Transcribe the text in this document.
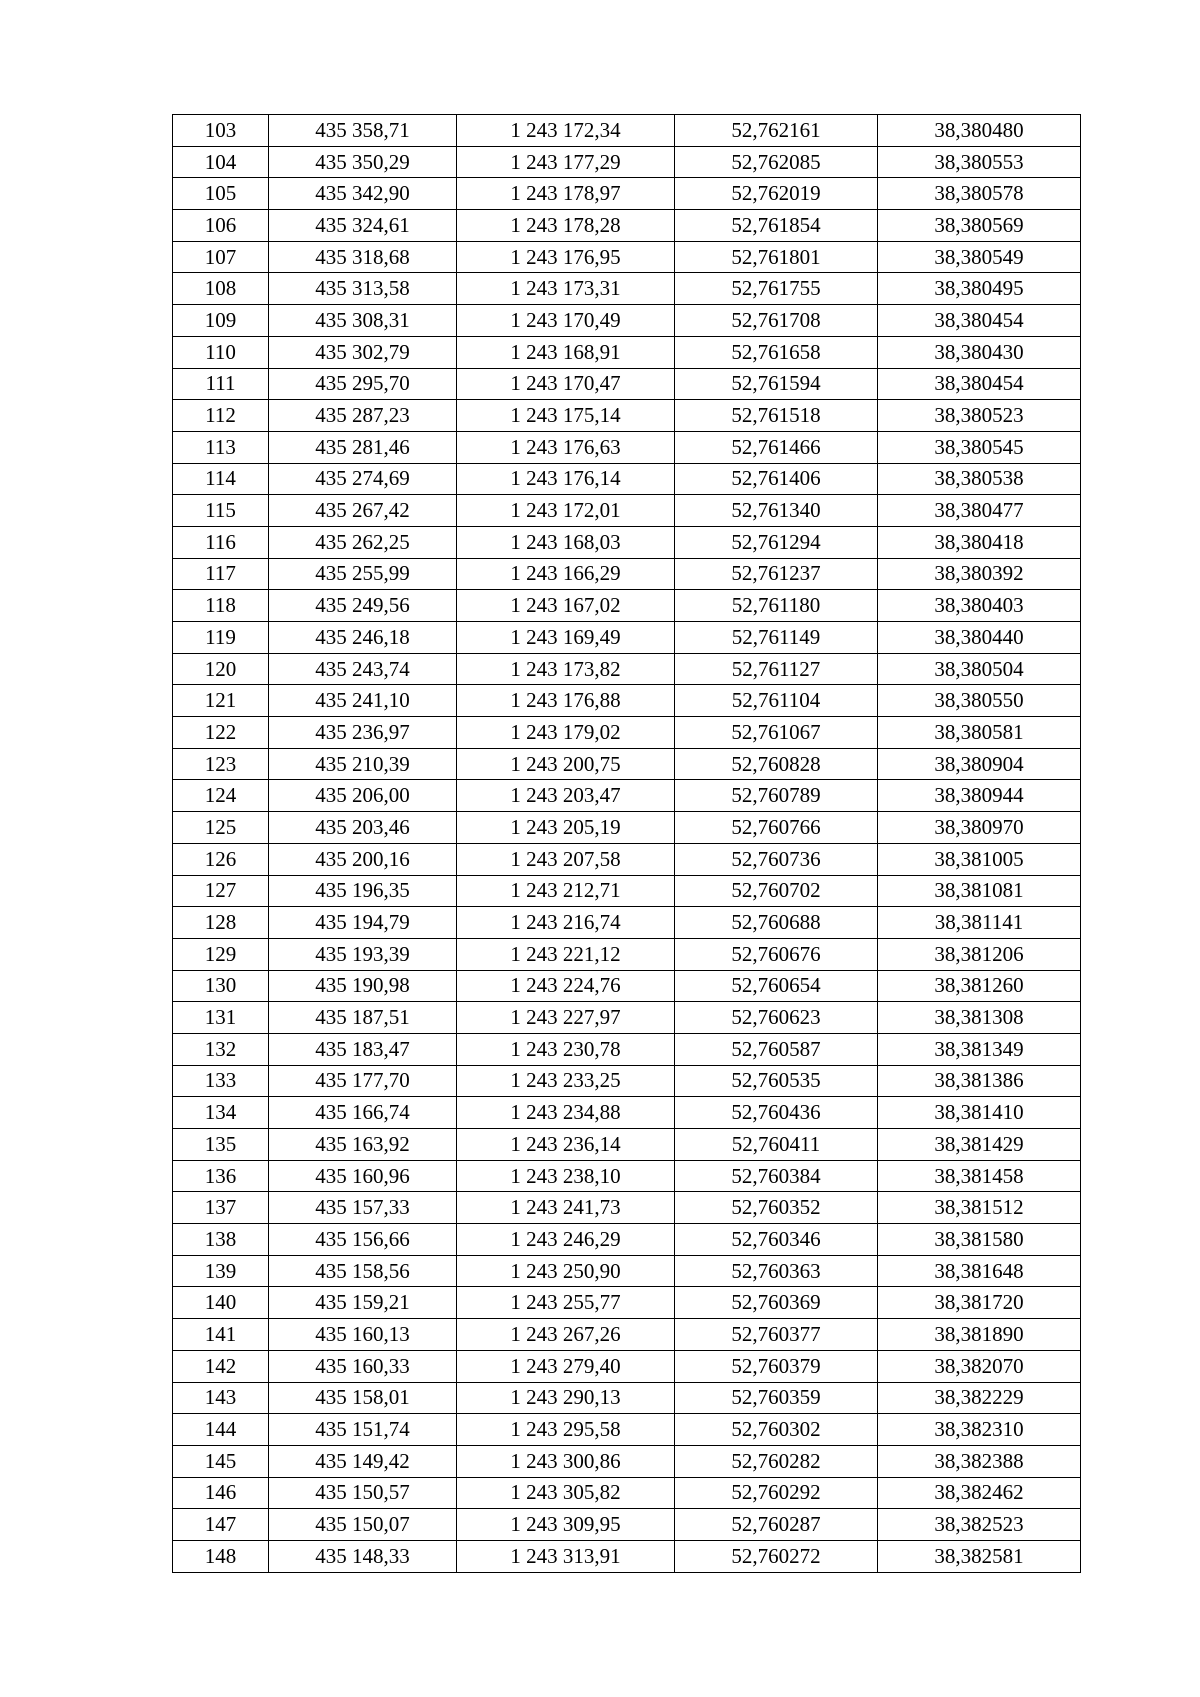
103	435 358,71	1 243 172,34	52,762161	38,380480
104	435 350,29	1 243 177,29	52,762085	38,380553
105	435 342,90	1 243 178,97	52,762019	38,380578
106	435 324,61	1 243 178,28	52,761854	38,380569
107	435 318,68	1 243 176,95	52,761801	38,380549
108	435 313,58	1 243 173,31	52,761755	38,380495
109	435 308,31	1 243 170,49	52,761708	38,380454
110	435 302,79	1 243 168,91	52,761658	38,380430
111	435 295,70	1 243 170,47	52,761594	38,380454
112	435 287,23	1 243 175,14	52,761518	38,380523
113	435 281,46	1 243 176,63	52,761466	38,380545
114	435 274,69	1 243 176,14	52,761406	38,380538
115	435 267,42	1 243 172,01	52,761340	38,380477
116	435 262,25	1 243 168,03	52,761294	38,380418
117	435 255,99	1 243 166,29	52,761237	38,380392
118	435 249,56	1 243 167,02	52,761180	38,380403
119	435 246,18	1 243 169,49	52,761149	38,380440
120	435 243,74	1 243 173,82	52,761127	38,380504
121	435 241,10	1 243 176,88	52,761104	38,380550
122	435 236,97	1 243 179,02	52,761067	38,380581
123	435 210,39	1 243 200,75	52,760828	38,380904
124	435 206,00	1 243 203,47	52,760789	38,380944
125	435 203,46	1 243 205,19	52,760766	38,380970
126	435 200,16	1 243 207,58	52,760736	38,381005
127	435 196,35	1 243 212,71	52,760702	38,381081
128	435 194,79	1 243 216,74	52,760688	38,381141
129	435 193,39	1 243 221,12	52,760676	38,381206
130	435 190,98	1 243 224,76	52,760654	38,381260
131	435 187,51	1 243 227,97	52,760623	38,381308
132	435 183,47	1 243 230,78	52,760587	38,381349
133	435 177,70	1 243 233,25	52,760535	38,381386
134	435 166,74	1 243 234,88	52,760436	38,381410
135	435 163,92	1 243 236,14	52,760411	38,381429
136	435 160,96	1 243 238,10	52,760384	38,381458
137	435 157,33	1 243 241,73	52,760352	38,381512
138	435 156,66	1 243 246,29	52,760346	38,381580
139	435 158,56	1 243 250,90	52,760363	38,381648
140	435 159,21	1 243 255,77	52,760369	38,381720
141	435 160,13	1 243 267,26	52,760377	38,381890
142	435 160,33	1 243 279,40	52,760379	38,382070
143	435 158,01	1 243 290,13	52,760359	38,382229
144	435 151,74	1 243 295,58	52,760302	38,382310
145	435 149,42	1 243 300,86	52,760282	38,382388
146	435 150,57	1 243 305,82	52,760292	38,382462
147	435 150,07	1 243 309,95	52,760287	38,382523
148	435 148,33	1 243 313,91	52,760272	38,382581
